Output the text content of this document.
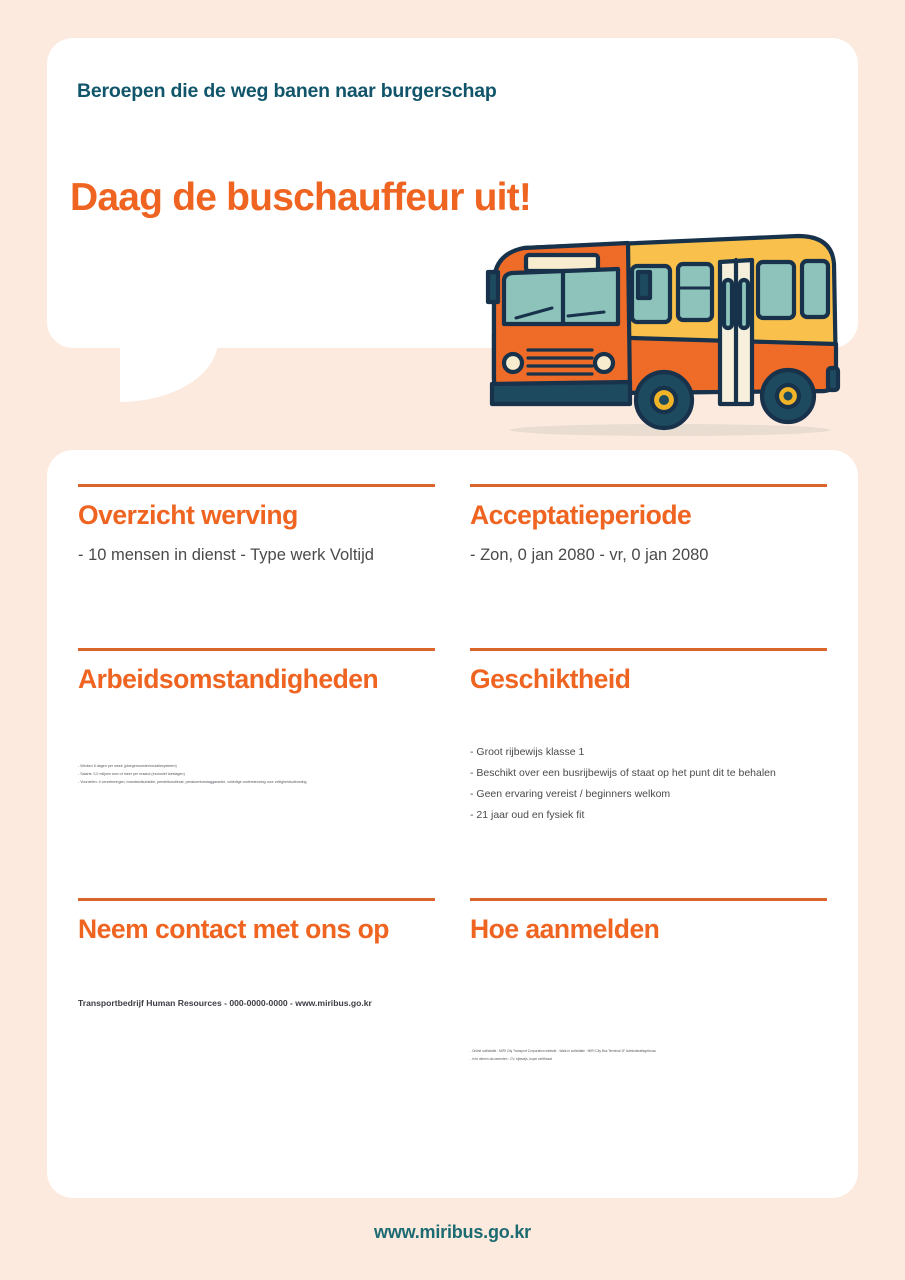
Beroepen die de weg banen naar burgerschap
Daag de buschauffeur uit!
Overzicht werving
- 10 mensen in dienst - Type werk Voltijd
Acceptatieperiode
- Zon, 0 jan 2080 - vr, 0 jan 2080
Arbeidsomstandigheden
- Werken 6 dagen per week (ploegenrooster/roulatiesysteem)
- Salaris: 0,0 miljoen won of meer per maand (exclusief toeslagen)
- Voordelen: 4 verzekeringen, brandstofsubsidie, pendelbusdienst, pensioentoeslaggarantie, volledige ondersteuning voor veiligheidsuitrusting
Geschiktheid
- Groot rijbewijs klasse 1
- Beschikt over een busrijbewijs of staat op het punt dit te behalen
- Geen ervaring vereist / beginners welkom
- 21 jaar oud en fysiek fit
Neem contact met ons op
Transportbedrijf Human Resources - 000-0000-0000 - www.miribus.go.kr
Hoe aanmelden
- Online sollicitatie : MIRI City Transport Corporation website - Walk-in sollicitatie : MIRI City Bus Terminal 1F Administratiegebouw
- in te dienen documenten : CV, rijbewijs, kopie certificaat
www.miribus.go.kr
